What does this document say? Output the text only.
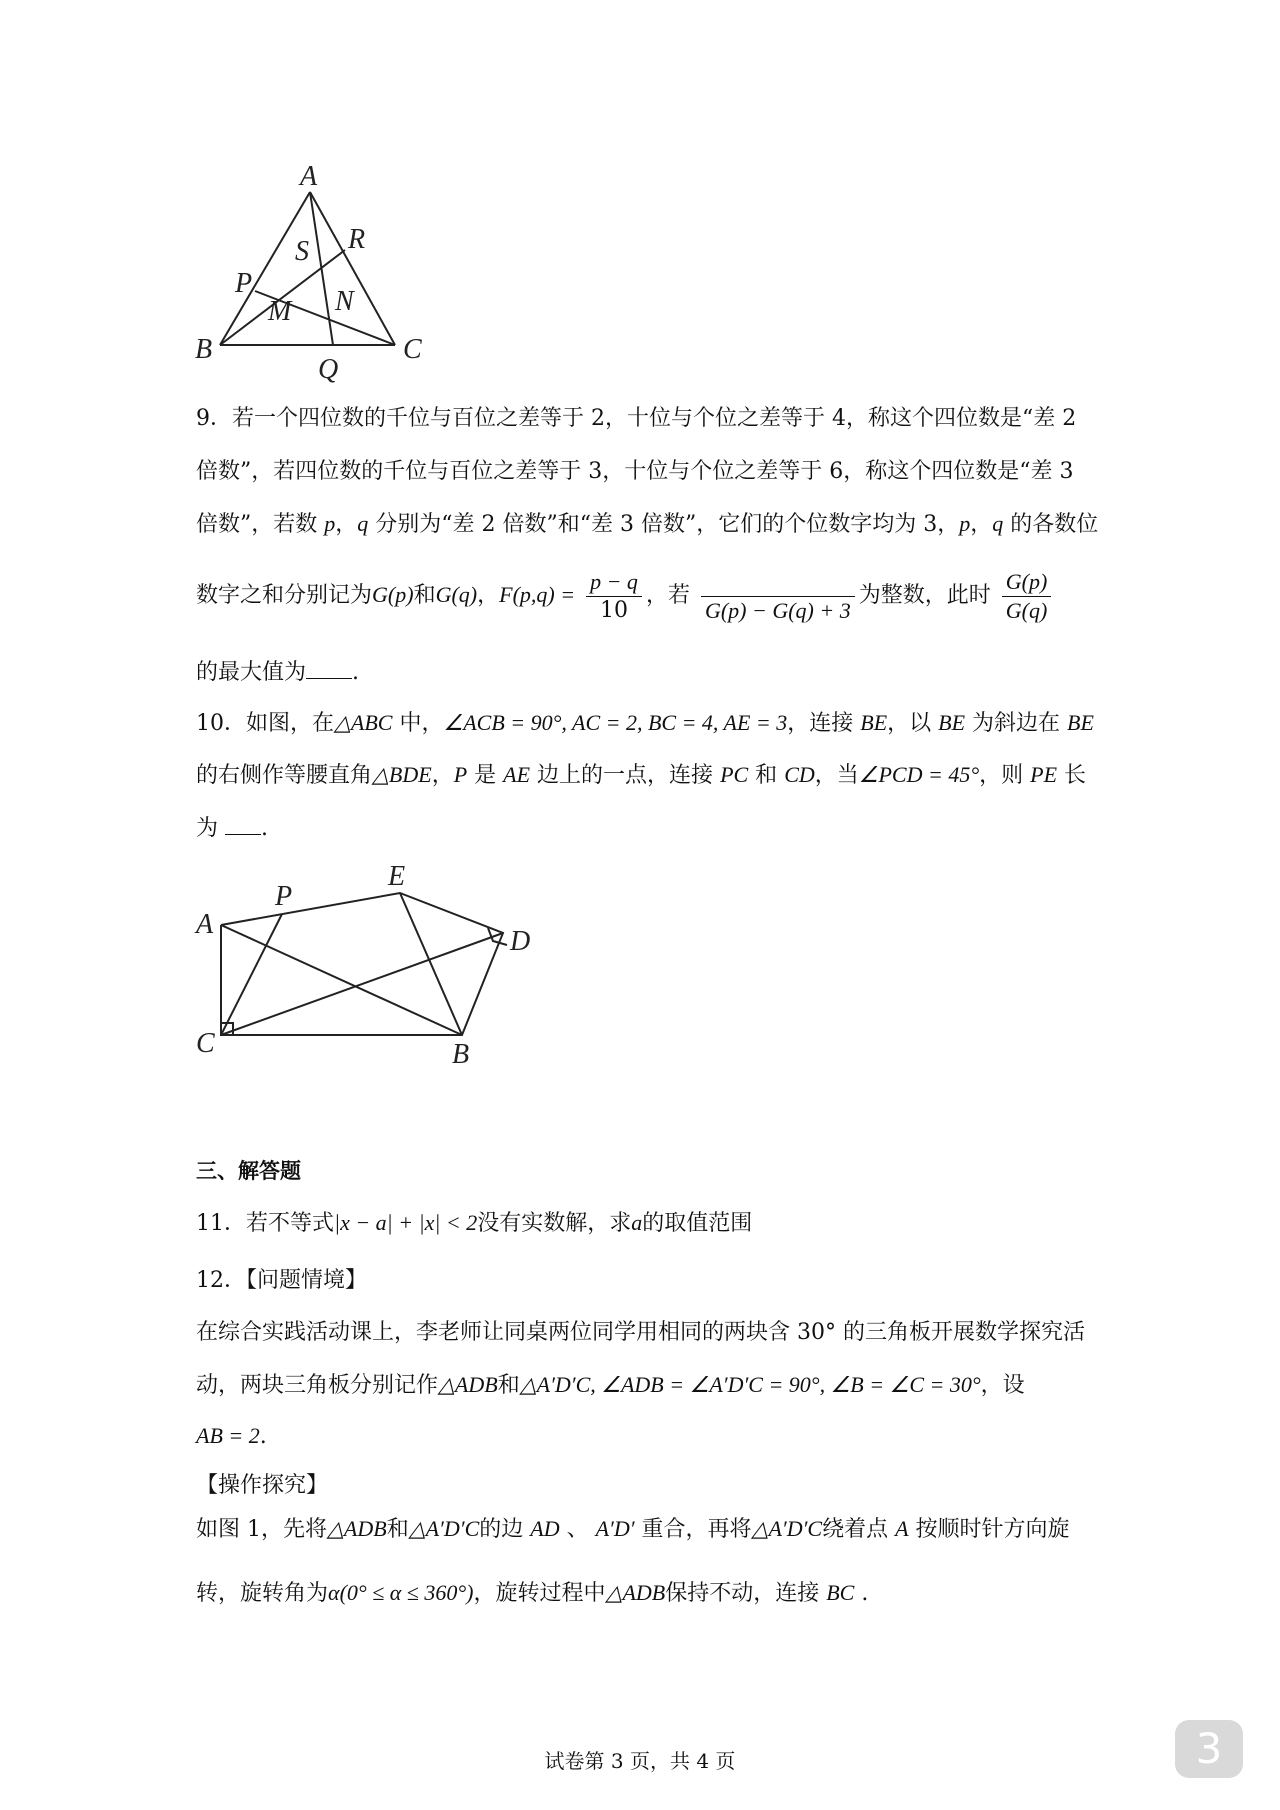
A
R
S
P
N
M
B
Q
C
9．若一个四位数的千位与百位之差等于 2，十位与个位之差等于 4，称这个四位数是“差 2
倍数”，若四位数的千位与百位之差等于 3，十位与个位之差等于 6，称这个四位数是“差 3
倍数”，若数 p，q 分别为“差 2 倍数”和“差 3 倍数”，它们的个位数字均为 3，p，q 的各数位
数字之和分别记为G(p)和G(q)，$F(p,q) = \frac{p - q}{10}$ ，若
G(p) − G(q) + 3
为整数，此时 $\frac{G(p)}{G(q)}$
的最大值为 .
10．如图，在△ABC 中，∠ACB = 90°, AC = 2, BC = 4, AE = 3，连接 BE，以 BE 为斜边在 BE
的右侧作等腰直角△BDE，P 是 AE 边上的一点，连接 PC 和 CD，当∠PCD = 45°，则 PE 长
为 .
E
P
A
D
C	B
三、解答题
11．若不等式|x − a| + |x| < 2没有实数解，求a的取值范围
12．【问题情境】
在综合实践活动课上，李老师让同桌两位同学用相同的两块含 30° 的三角板开展数学探究活
动，两块三角板分别记作△ADB和△A′D′C, ∠ADB = ∠A′D′C = 90°, ∠B = ∠C = 30°，设
AB = 2.
【操作探究】
如图 1，先将△ADB和△A′D′C的边 AD 、 A′D′ 重合，再将△A′D′C绕着点 A 按顺时针方向旋
转，旋转角为α(0° ≤ α ≤ 360°)，旋转过程中△ADB保持不动，连接 BC .
试卷第 3 页，共 4 页	3
